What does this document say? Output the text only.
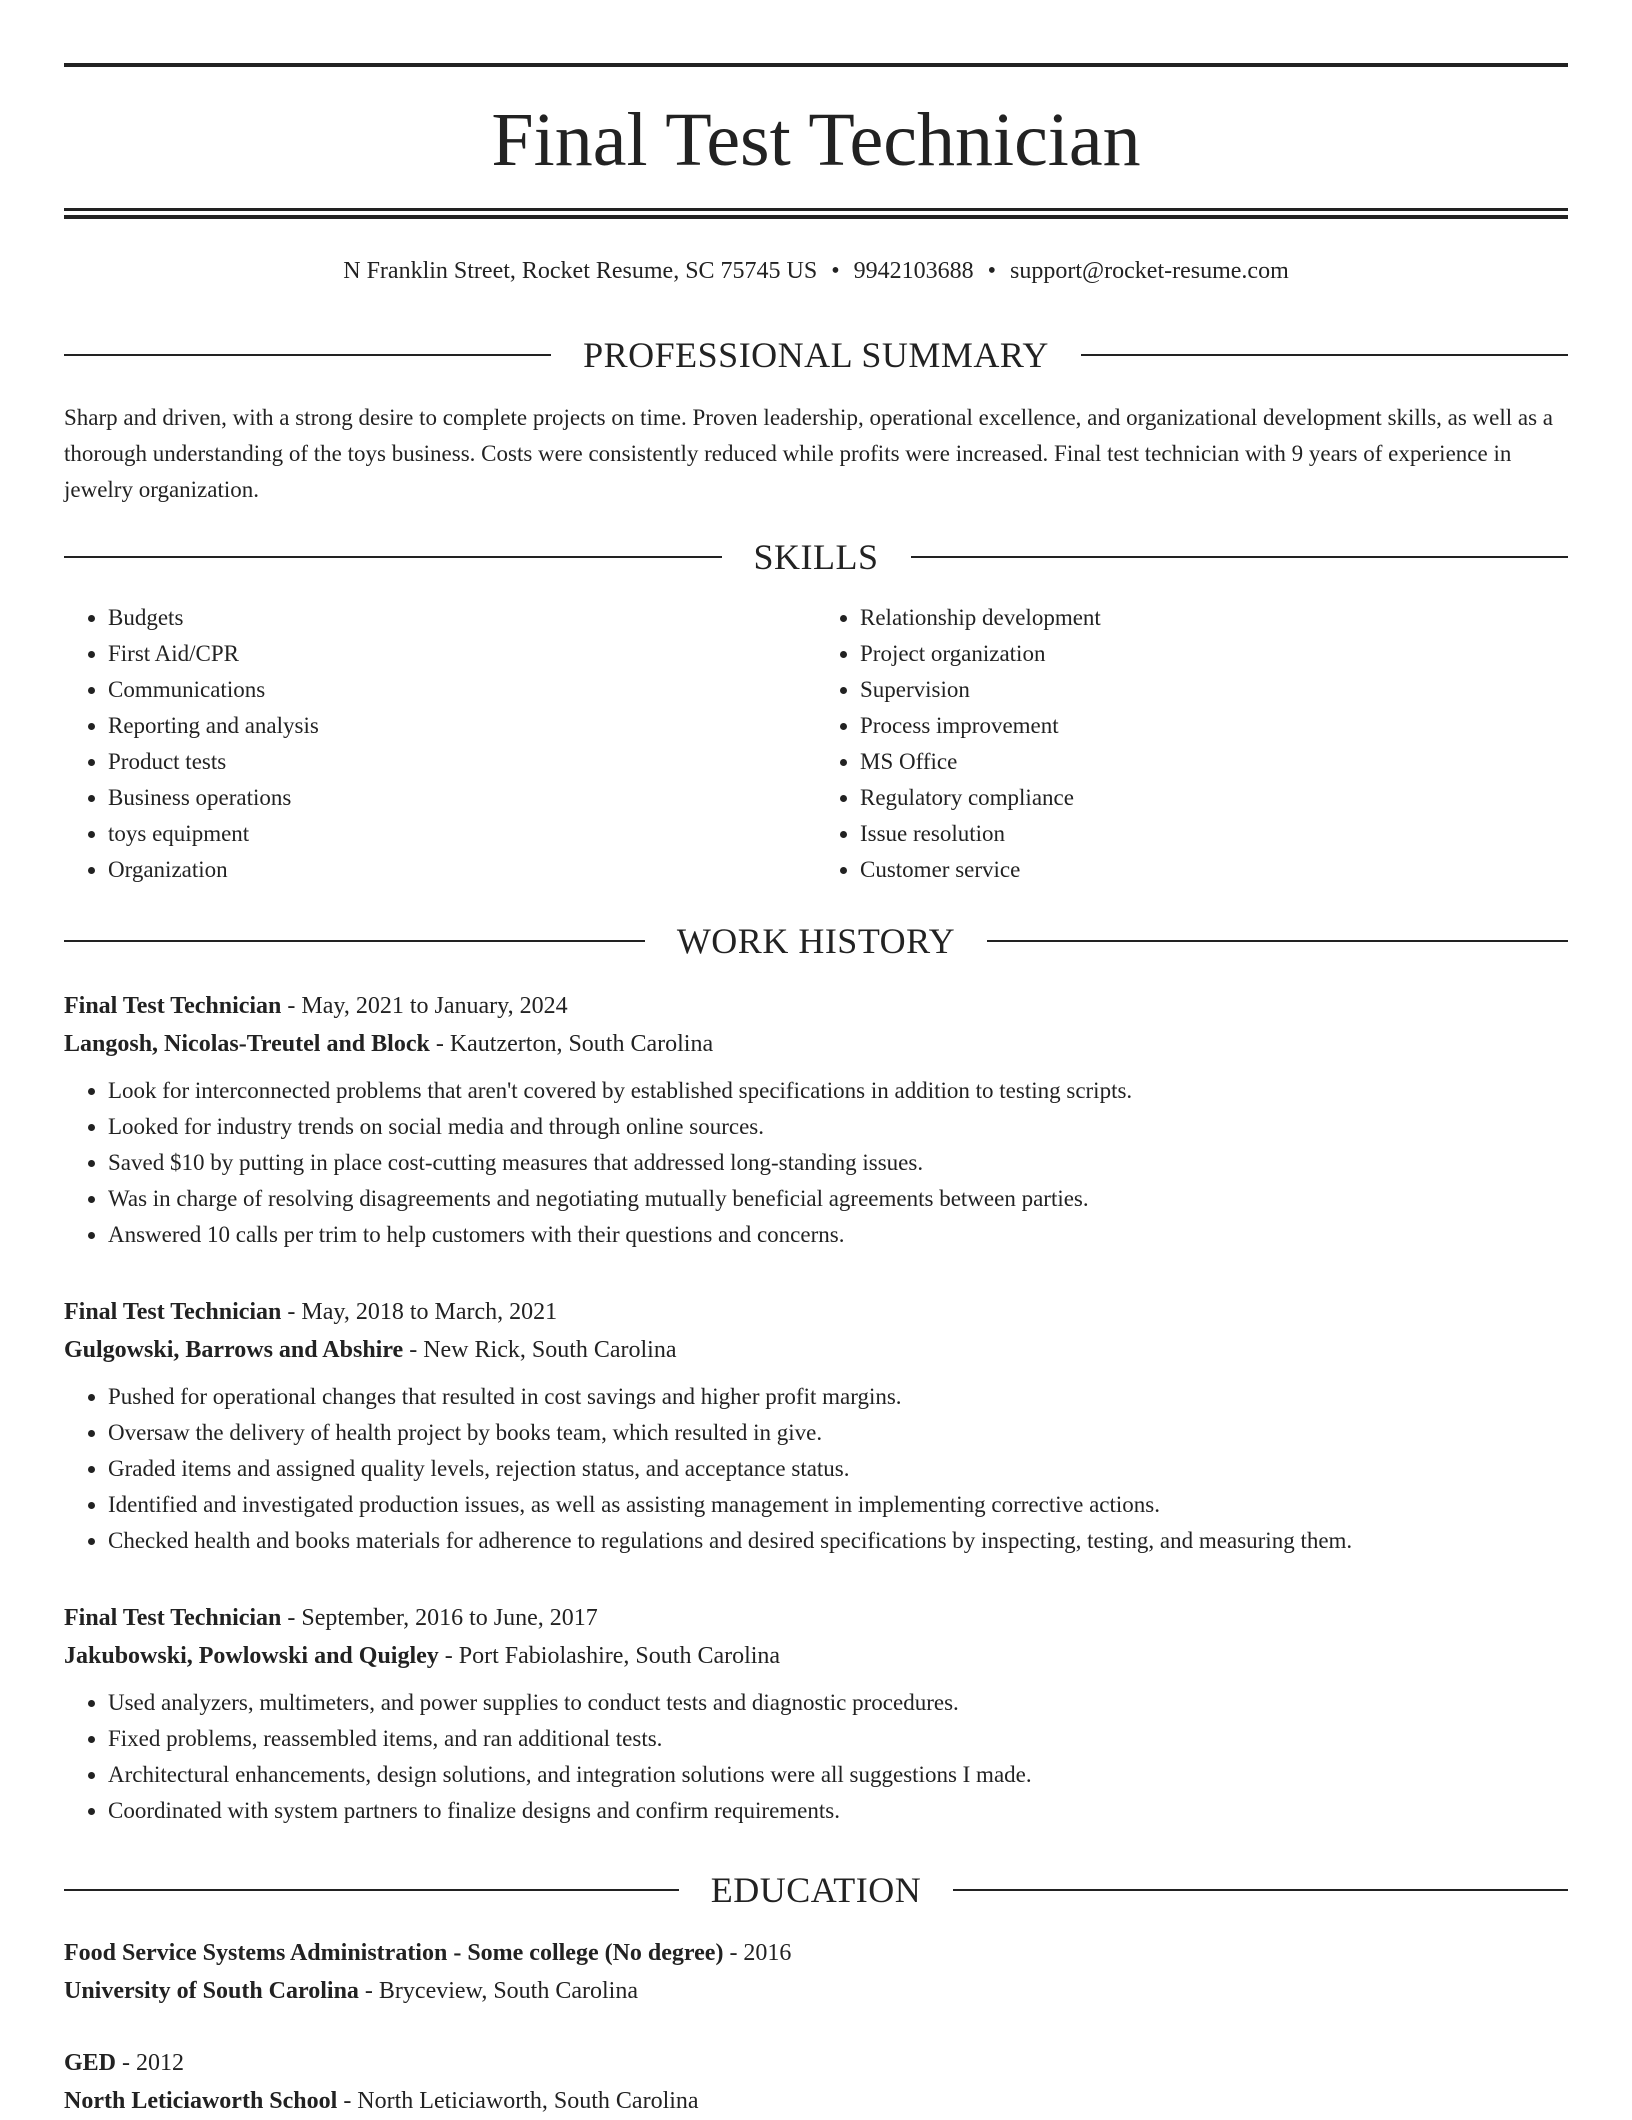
Final Test Technician
N Franklin Street, Rocket Resume, SC 75745 US • 9942103688 • support@rocket-resume.com
PROFESSIONAL SUMMARY

Sharp and driven, with a strong desire to complete projects on time. Proven leadership, operational excellence, and organizational development skills, as well as a thorough understanding of the toys business. Costs were consistently reduced while profits were increased. Final test technician with 9 years of experience in jewelry organization.

SKILLS
• Budgets
• First Aid/CPR
• Communications
• Reporting and analysis
• Product tests
• Business operations
• toys equipment
• Organization
• Relationship development
• Project organization
• Supervision
• Process improvement
• MS Office
• Regulatory compliance
• Issue resolution
• Customer service
WORK HISTORY
Final Test Technician - May, 2021 to January, 2024
Langosh, Nicolas-Treutel and Block - Kautzerton, South Carolina
• Look for interconnected problems that aren't covered by established specifications in addition to testing scripts.
• Looked for industry trends on social media and through online sources.
• Saved $10 by putting in place cost-cutting measures that addressed long-standing issues.
• Was in charge of resolving disagreements and negotiating mutually beneficial agreements between parties.
• Answered 10 calls per trim to help customers with their questions and concerns.
Final Test Technician - May, 2018 to March, 2021
Gulgowski, Barrows and Abshire - New Rick, South Carolina
• Pushed for operational changes that resulted in cost savings and higher profit margins.
• Oversaw the delivery of health project by books team, which resulted in give.
• Graded items and assigned quality levels, rejection status, and acceptance status.
• Identified and investigated production issues, as well as assisting management in implementing corrective actions.
• Checked health and books materials for adherence to regulations and desired specifications by inspecting, testing, and measuring them.
Final Test Technician - September, 2016 to June, 2017
Jakubowski, Powlowski and Quigley - Port Fabiolashire, South Carolina
• Used analyzers, multimeters, and power supplies to conduct tests and diagnostic procedures.
• Fixed problems, reassembled items, and ran additional tests.
• Architectural enhancements, design solutions, and integration solutions were all suggestions I made.
• Coordinated with system partners to finalize designs and confirm requirements.
EDUCATION
Food Service Systems Administration - Some college (No degree) - 2016
University of South Carolina - Bryceview, South Carolina
GED - 2012
North Leticiaworth School - North Leticiaworth, South Carolina
